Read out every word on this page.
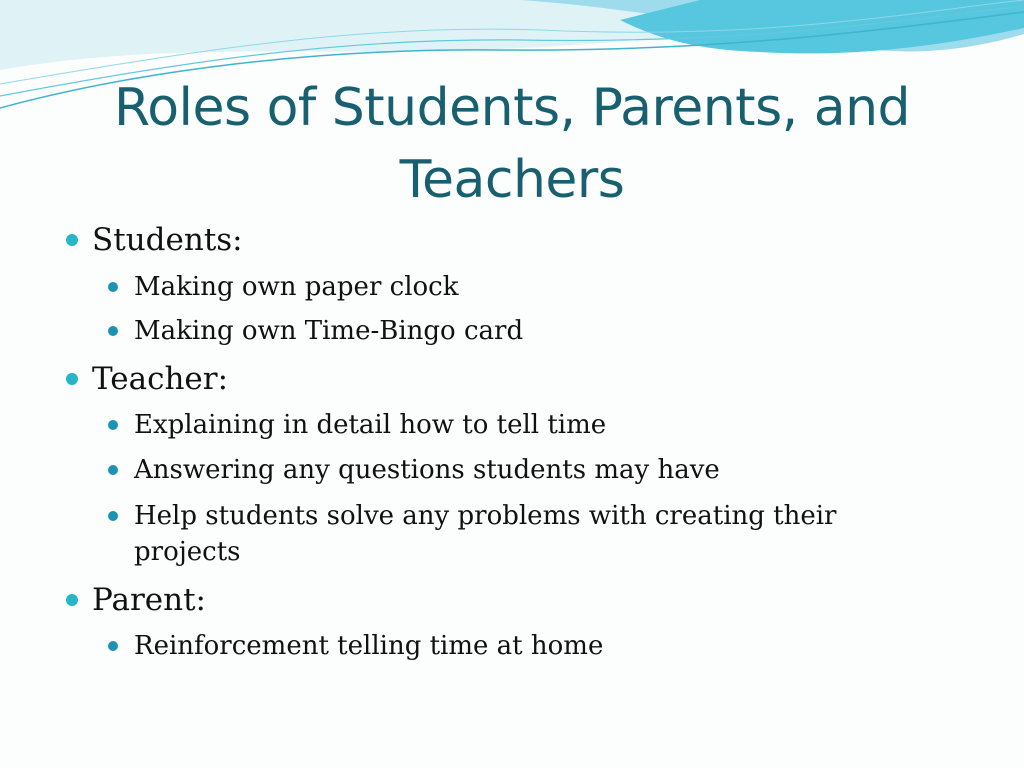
Roles of Students, Parents, and Teachers
Students:
Making own paper clock
Making own Time-Bingo card
Teacher:
Explaining in detail how to tell time
Answering any questions students may have
Help students solve any problems with creating their
projects
Parent:
Reinforcement telling time at home
